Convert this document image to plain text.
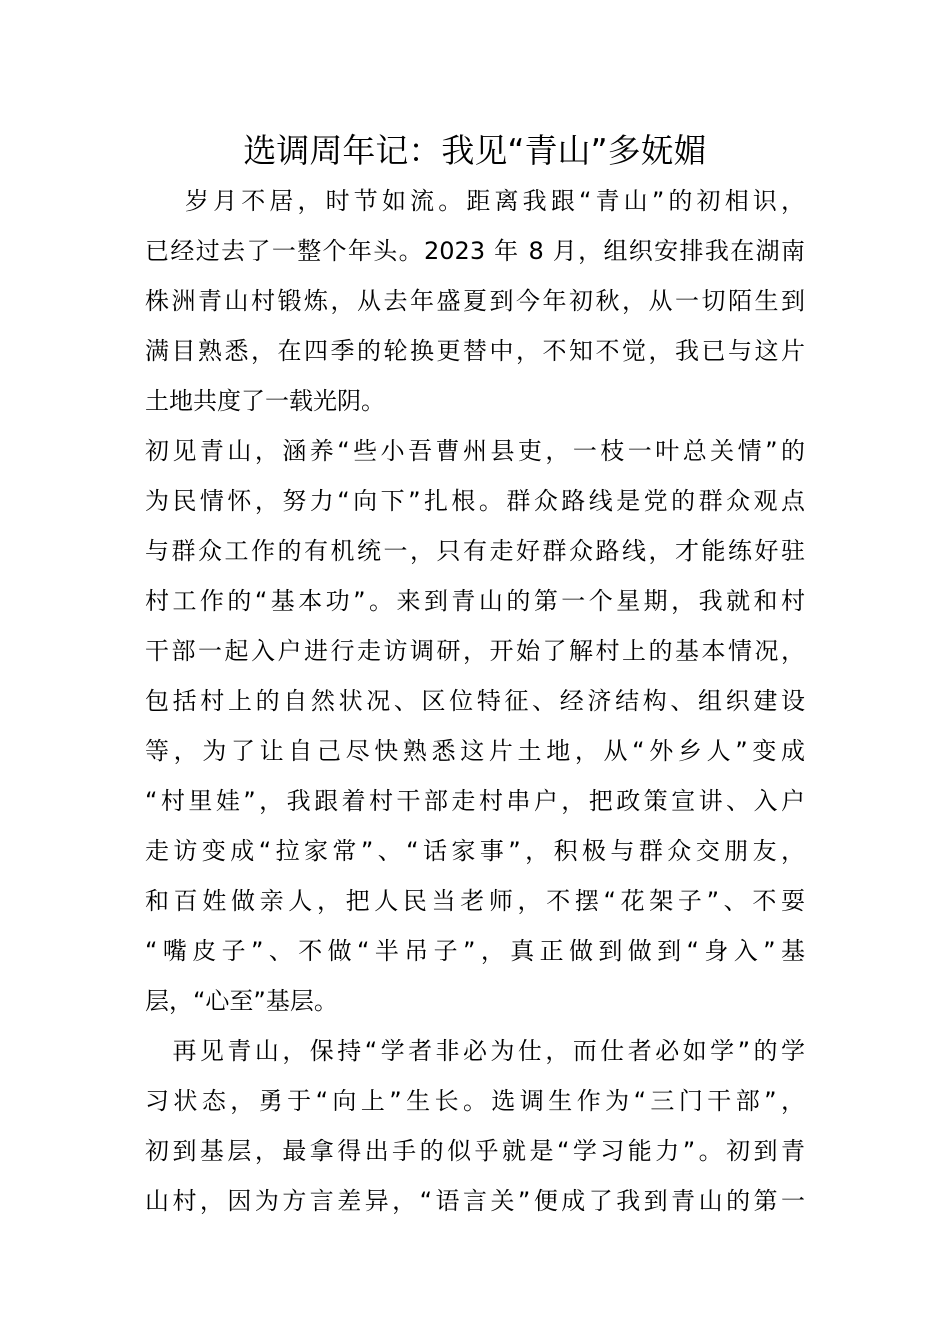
选调周年记：我见“青山”多妩媚
　 岁月不居，时节如流。距离我跟“青山”的初相识，
已经过去了一整个年头。2023 年 8 月，组织安排我在湖南
株洲青山村锻炼，从去年盛夏到今年初秋，从一切陌生到
满目熟悉，在四季的轮换更替中，不知不觉，我已与这片
土地共度了一载光阴。
初见青山，涵养“些小吾曹州县吏，一枝一叶总关情”的
为民情怀，努力“向下”扎根。群众路线是党的群众观点
与群众工作的有机统一，只有走好群众路线，才能练好驻
村工作的“基本功”。来到青山的第一个星期，我就和村
干部一起入户进行走访调研，开始了解村上的基本情况，
包括村上的自然状况、区位特征、经济结构、组织建设
等，为了让自己尽快熟悉这片土地，从“外乡人”变成
“村里娃”，我跟着村干部走村串户，把政策宣讲、入户
走访变成“拉家常”、“话家事”，积极与群众交朋友，
和百姓做亲人，把人民当老师，不摆“花架子”、不耍
“嘴皮子”、不做“半吊子”，真正做到做到“身入”基
层，“心至”基层。
　再见青山，保持“学者非必为仕，而仕者必如学”的学
习状态，勇于“向上”生长。选调生作为“三门干部”，
初到基层，最拿得出手的似乎就是“学习能力”。初到青
山村，因为方言差异，“语言关”便成了我到青山的第一
